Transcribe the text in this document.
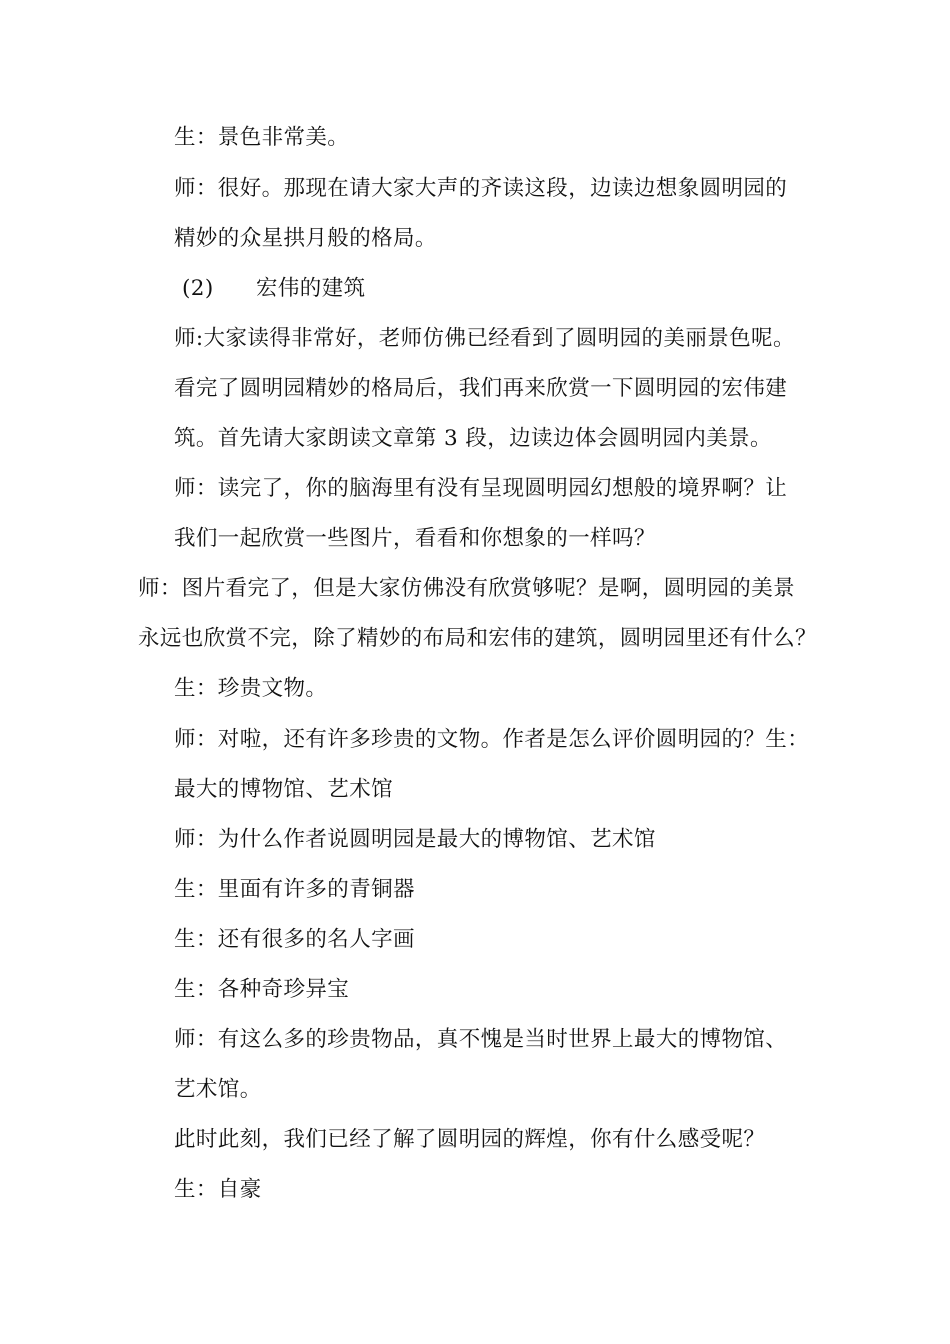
生：景色非常美。
师：很好。那现在请大家大声的齐读这段，边读边想象圆明园的
精妙的众星拱月般的格局。
(2) 宏伟的建筑
师:大家读得非常好，老师仿佛已经看到了圆明园的美丽景色呢。
看完了圆明园精妙的格局后，我们再来欣赏一下圆明园的宏伟建
筑。首先请大家朗读文章第 3 段，边读边体会圆明园内美景。
师：读完了，你的脑海里有没有呈现圆明园幻想般的境界啊？让
我们一起欣赏一些图片，看看和你想象的一样吗？
师：图片看完了，但是大家仿佛没有欣赏够呢？是啊，圆明园的美景
永远也欣赏不完，除了精妙的布局和宏伟的建筑，圆明园里还有什么？
生：珍贵文物。
师：对啦，还有许多珍贵的文物。作者是怎么评价圆明园的？生：
最大的博物馆、艺术馆
师：为什么作者说圆明园是最大的博物馆、艺术馆
生：里面有许多的青铜器
生：还有很多的名人字画
生：各种奇珍异宝
师：有这么多的珍贵物品，真不愧是当时世界上最大的博物馆、
艺术馆。
此时此刻，我们已经了解了圆明园的辉煌，你有什么感受呢？
生：自豪
